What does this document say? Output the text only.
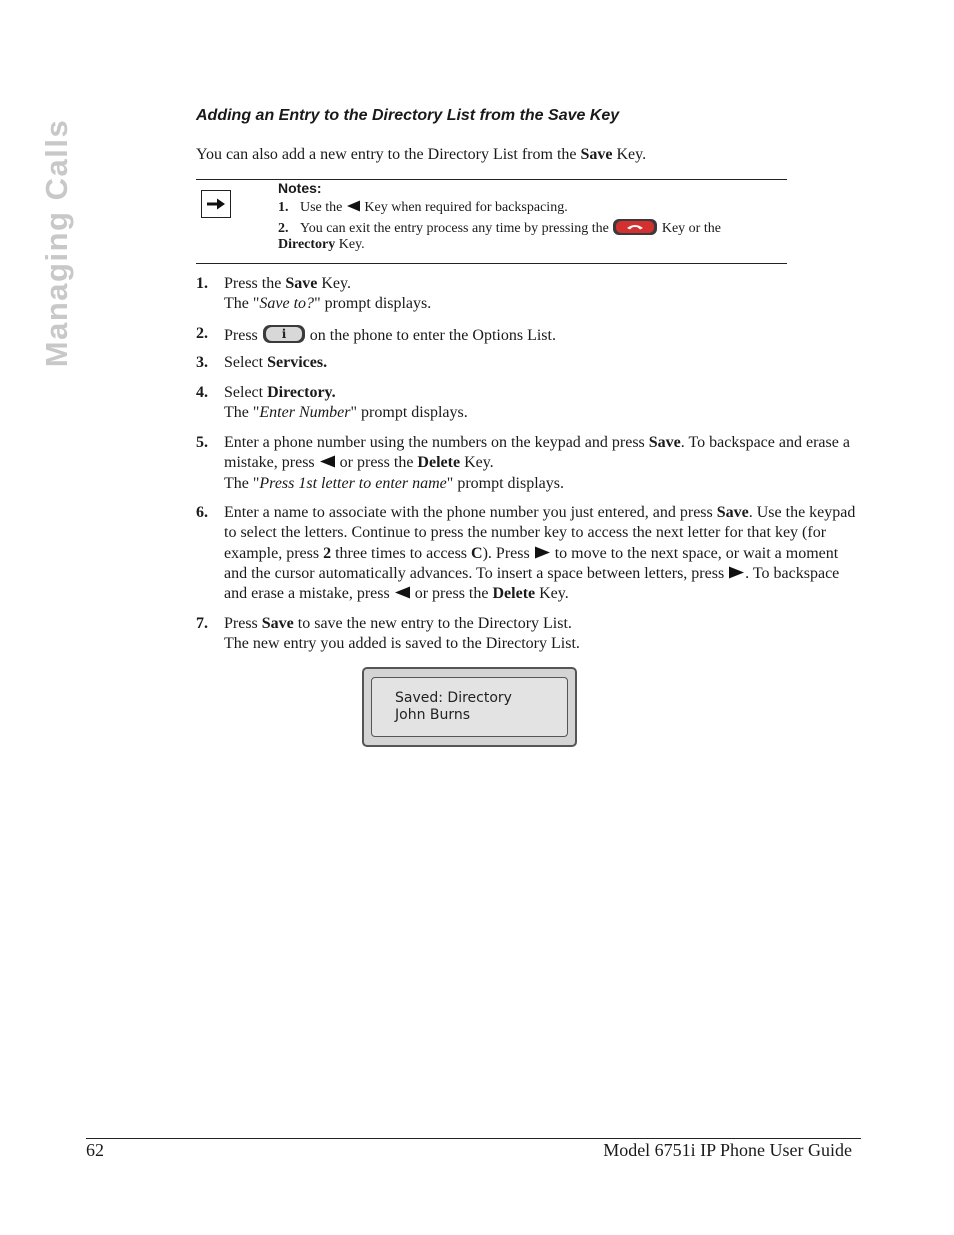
Managing Calls
Adding an Entry to the Directory List from the Save Key

You can also add a new entry to the Directory List from the Save Key.

Notes:
1. Use the  Key when required for backspacing.
2. You can exit the entry process any time by pressing the	Key or the
Directory Key.
1. Press the Save Key.
The "Save to?" prompt displays.
2. Press i on the phone to enter the Options List.
3. Select Services.
4. Select Directory.
The "Enter Number" prompt displays.
5. Enter a phone number using the numbers on the keypad and press Save. To backspace and erase a mistake, press  or press the Delete Key.
The "Press 1st letter to enter name" prompt displays.
6. Enter a name to associate with the phone number you just entered, and press Save. Use the keypad to select the letters. Continue to press the number key to access the next letter for that key (for example, press 2 three times to access C). Press  to move to the next space, or wait a moment and the cursor automatically advances. To insert a space between letters, press . To backspace and erase a mistake, press  or press the Delete Key.
7. Press Save to save the new entry to the Directory List.
The new entry you added is saved to the Directory List.
Saved: Directory
John Burns
62	Model 6751i IP Phone User Guide
